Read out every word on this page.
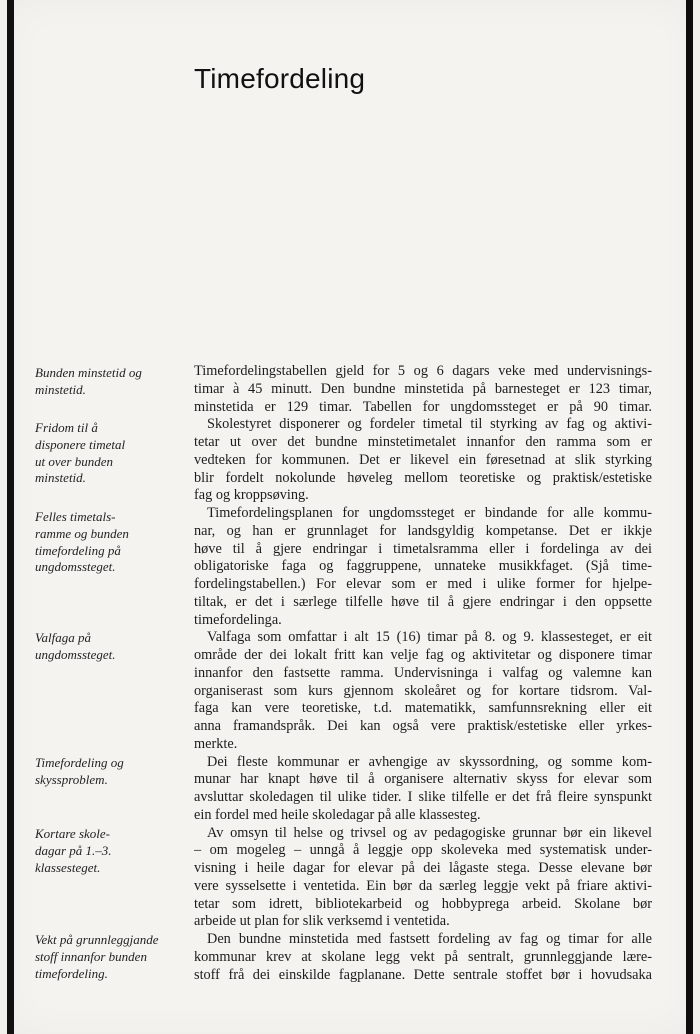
Timefordeling

Bunden minstetid og
minstetid.

Fridom til å
disponere timetal
ut over bunden
minstetid.

Felles timetals-
ramme og bunden
timefordeling på
ungdomssteget.

Valfaga på
ungdomssteget.

Timefordeling og
skyssproblem.

Kortare skole-
dagar på 1.–3.
klassesteget.

Vekt på grunnleggjande
stoff innanfor bunden
timefordeling.

Timefordelingstabellen gjeld for 5 og 6 dagars veke med undervisnings-
timar à 45 minutt. Den bundne minstetida på barnesteget er 123 timar,
minstetida er 129 timar. Tabellen for ungdomssteget er på 90 timar.
Skolestyret disponerer og fordeler timetal til styrking av fag og aktivi-
tetar ut over det bundne minstetimetalet innanfor den ramma som er
vedteken for kommunen. Det er likevel ein føresetnad at slik styrking
blir fordelt nokolunde høveleg mellom teoretiske og praktisk/estetiske
fag og kroppsøving.
Timefordelingsplanen for ungdomssteget er bindande for alle kommu-
nar, og han er grunnlaget for landsgyldig kompetanse. Det er ikkje
høve til å gjere endringar i timetalsramma eller i fordelinga av dei
obligatoriske faga og faggruppene, unnateke musikkfaget. (Sjå time-
fordelingstabellen.) For elevar som er med i ulike former for hjelpe-
tiltak, er det i særlege tilfelle høve til å gjere endringar i den oppsette
timefordelinga.
Valfaga som omfattar i alt 15 (16) timar på 8. og 9. klassesteget, er eit
område der dei lokalt fritt kan velje fag og aktivitetar og disponere timar
innanfor den fastsette ramma. Undervisninga i valfag og valemne kan
organiserast som kurs gjennom skoleåret og for kortare tidsrom. Val-
faga kan vere teoretiske, t.d. matematikk, samfunnsrekning eller eit
anna framandspråk. Dei kan også vere praktisk/estetiske eller yrkes-
merkte.
Dei fleste kommunar er avhengige av skyssordning, og somme kom-
munar har knapt høve til å organisere alternativ skyss for elevar som
avsluttar skoledagen til ulike tider. I slike tilfelle er det frå fleire synspunkt
ein fordel med heile skoledagar på alle klassesteg.
Av omsyn til helse og trivsel og av pedagogiske grunnar bør ein likevel
– om mogeleg – unngå å leggje opp skoleveka med systematisk under-
visning i heile dagar for elevar på dei lågaste stega. Desse elevane bør
vere sysselsette i ventetida. Ein bør da særleg leggje vekt på friare aktivi-
tetar som idrett, bibliotekarbeid og hobbyprega arbeid. Skolane bør
arbeide ut plan for slik verksemd i ventetida.
Den bundne minstetida med fastsett fordeling av fag og timar for alle
kommunar krev at skolane legg vekt på sentralt, grunnleggjande lære-
stoff frå dei einskilde fagplanane. Dette sentrale stoffet bør i hovudsaka
